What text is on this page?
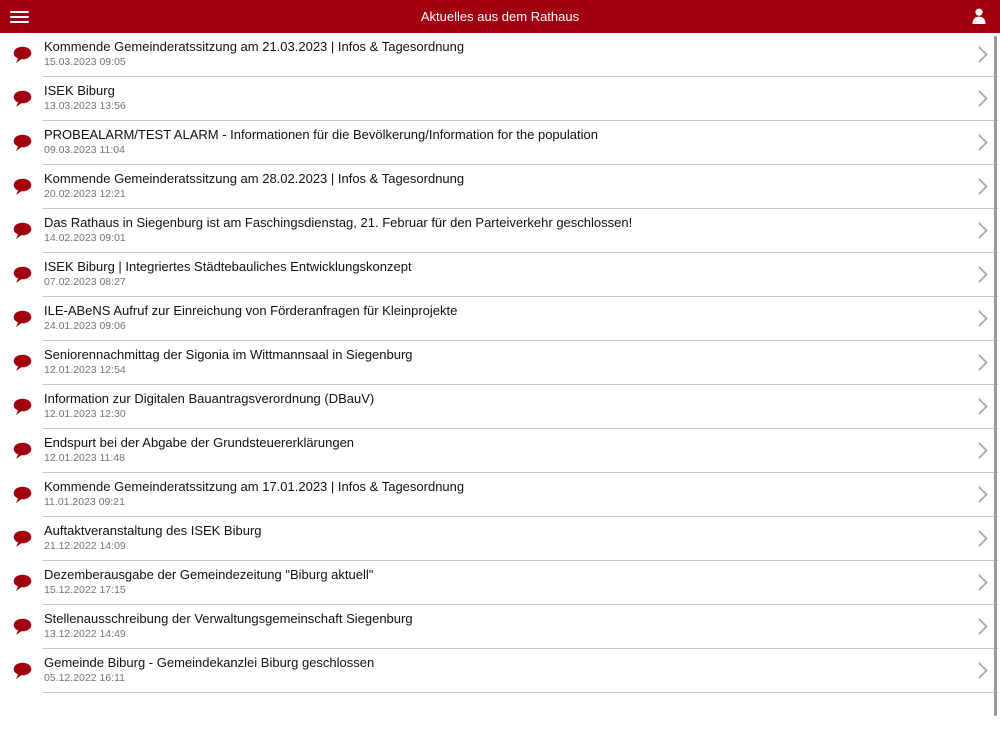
Aktuelles aus dem Rathaus
Kommende Gemeinderatssitzung am 21.03.2023 | Infos & Tagesordnung
15.03.2023 09:05
ISEK Biburg
13.03.2023 13:56
PROBEALARM/TEST ALARM - Informationen für die Bevölkerung/Information for the population
09.03.2023 11:04
Kommende Gemeinderatssitzung am 28.02.2023 | Infos & Tagesordnung
20.02.2023 12:21
Das Rathaus in Siegenburg ist am Faschingsdienstag, 21. Februar für den Parteiverkehr geschlossen!
14.02.2023 09:01
ISEK Biburg | Integriertes Städtebauliches Entwicklungskonzept
07.02.2023 08:27
ILE-ABeNS Aufruf zur Einreichung von Förderanfragen für Kleinprojekte
24.01.2023 09:06
Seniorennachmittag der Sigonia im Wittmannsaal in Siegenburg
12.01.2023 12:54
Information zur Digitalen Bauantragsverordnung (DBauV)
12.01.2023 12:30
Endspurt bei der Abgabe der Grundsteuererklärungen
12.01.2023 11:48
Kommende Gemeinderatssitzung am 17.01.2023 | Infos & Tagesordnung
11.01.2023 09:21
Auftaktveranstaltung des ISEK Biburg
21.12.2022 14:09
Dezemberausgabe der Gemeindezeitung "Biburg aktuell"
15.12.2022 17:15
Stellenausschreibung der Verwaltungsgemeinschaft Siegenburg
13.12.2022 14:49
Gemeinde Biburg - Gemeindekanzlei Biburg geschlossen
05.12.2022 16:11
